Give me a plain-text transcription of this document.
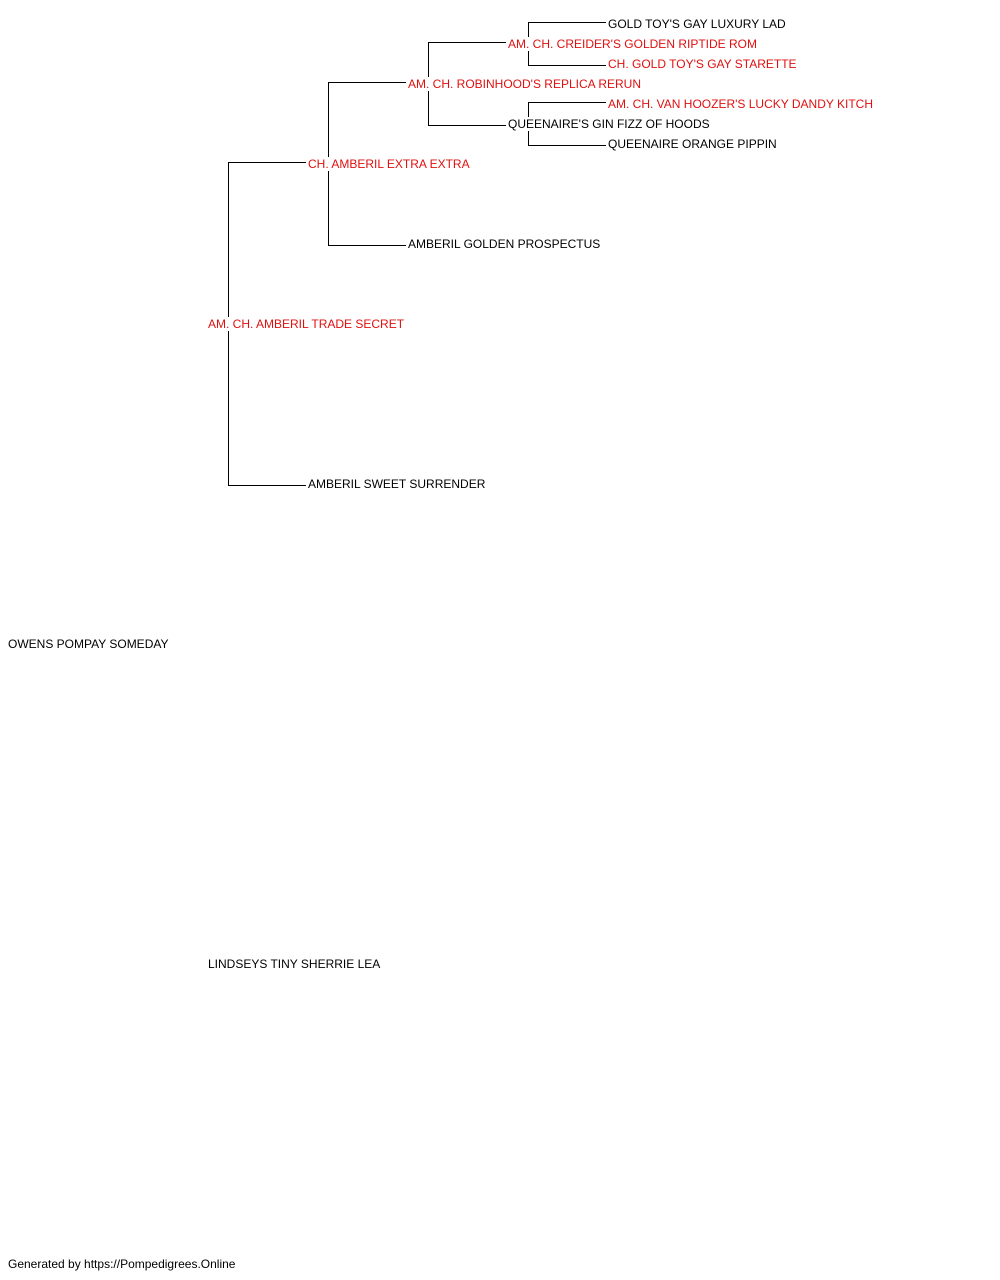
GOLD TOY'S GAY LUXURY LAD
CH. GOLD TOY'S GAY STARETTE
AM. CH. VAN HOOZER'S LUCKY DANDY KITCH
QUEENAIRE ORANGE PIPPIN
AM. CH. CREIDER'S GOLDEN RIPTIDE ROM
QUEENAIRE'S GIN FIZZ OF HOODS
AM. CH. ROBINHOOD'S REPLICA RERUN
AMBERIL GOLDEN PROSPECTUS
CH. AMBERIL EXTRA EXTRA
AMBERIL SWEET SURRENDER
AM. CH. AMBERIL TRADE SECRET
LINDSEYS TINY SHERRIE LEA
OWENS POMPAY SOMEDAY
Generated by https://Pompedigrees.Online
